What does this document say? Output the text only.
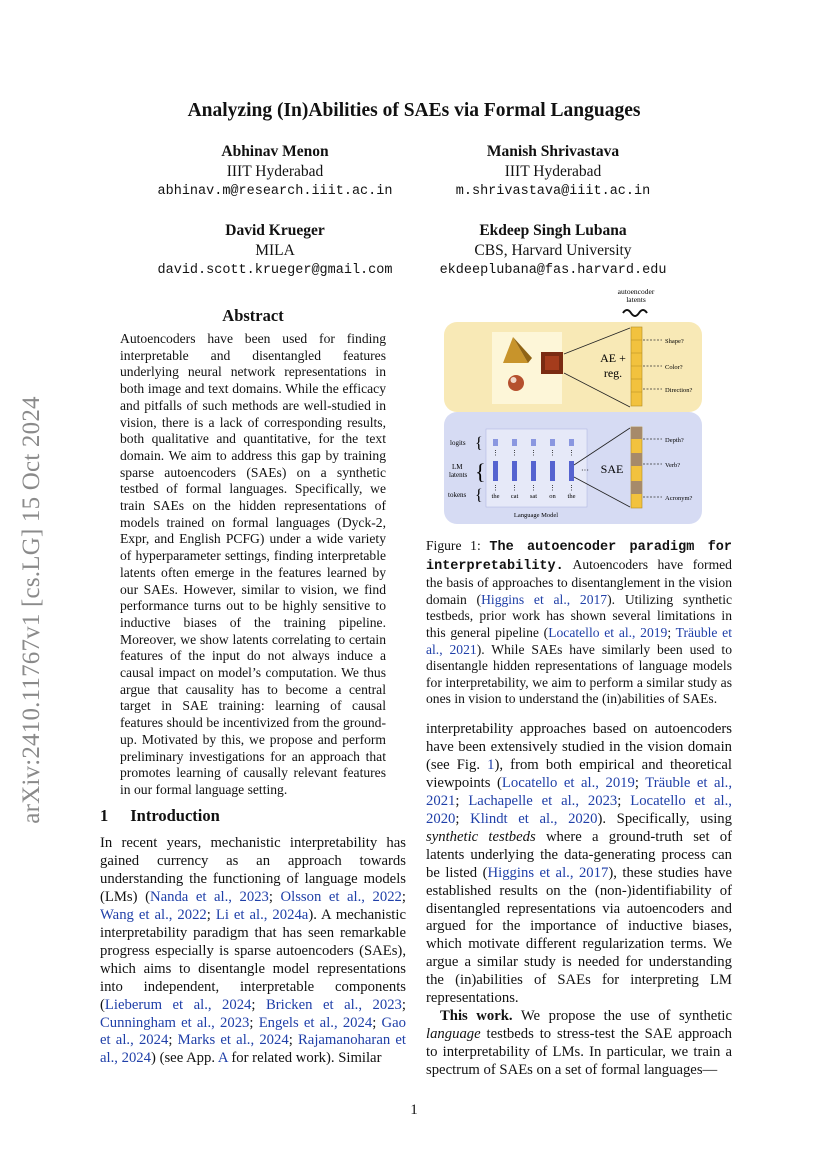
Analyzing (In)Abilities of SAEs via Formal Languages
Abhinav Menon
IIIT Hyderabad
abhinav.m@research.iiit.ac.in
Manish Shrivastava
IIIT Hyderabad
m.shrivastava@iiit.ac.in
David Krueger
MILA
david.scott.krueger@gmail.com
Ekdeep Singh Lubana
CBS, Harvard University
ekdeeplubana@fas.harvard.edu
arXiv:2410.11767v1 [cs.LG] 15 Oct 2024
Abstract
Autoencoders have been used for finding interpretable and disentangled features underlying neural network representations in both image and text domains. While the efficacy and pitfalls of such methods are well-studied in vision, there is a lack of corresponding results, both qualitative and quantitative, for the text domain. We aim to address this gap by training sparse autoencoders (SAEs) on a synthetic testbed of formal languages. Specifically, we train SAEs on the hidden representations of models trained on formal languages (Dyck-2, Expr, and English PCFG) under a wide variety of hyperparameter settings, finding interpretable latents often emerge in the features learned by our SAEs. However, similar to vision, we find performance turns out to be highly sensitive to inductive biases of the training pipeline. Moreover, we show latents correlating to certain features of the input do not always induce a causal impact on model’s computation. We thus argue that causality has to become a central target in SAE training: learning of causal features should be incentivized from the ground-up. Motivated by this, we propose and perform preliminary investigations for an approach that promotes learning of causally relevant features in our formal language setting.
autoencoder
latents
AE +
reg.
Shape?
Color?
Direction?
logits {
LM
latents {
tokens {
⋮ ⋮ ⋮ ⋮ ⋮
⋮ ⋮ ⋮ ⋮ ⋮
the cat sat on the
···
Language Model
SAE
Depth?
Verb?
Acronym?
Figure 1: The autoencoder paradigm for interpretability. Autoencoders have formed the basis of approaches to disentanglement in the vision domain (Higgins et al., 2017). Utilizing synthetic testbeds, prior work has shown several limitations in this general pipeline (Locatello et al., 2019; Träuble et al., 2021). While SAEs have similarly been used to disentangle hidden representations of language models for interpretability, we aim to perform a similar study as ones in vision to understand the (in)abilities of SAEs.
1 Introduction
In recent years, mechanistic interpretability has gained currency as an approach towards understanding the functioning of language models (LMs) (Nanda et al., 2023; Olsson et al., 2022; Wang et al., 2022; Li et al., 2024a). A mechanistic interpretability paradigm that has seen remarkable progress especially is sparse autoencoders (SAEs), which aims to disentangle model representations into independent, interpretable components (Lieberum et al., 2024; Bricken et al., 2023; Cunningham et al., 2023; Engels et al., 2024; Gao et al., 2024; Marks et al., 2024; Rajamanoharan et al., 2024) (see App. A for related work). Similar

interpretability approaches based on autoencoders have been extensively studied in the vision domain (see Fig. 1), from both empirical and theoretical viewpoints (Locatello et al., 2019; Träuble et al., 2021; Lachapelle et al., 2023; Locatello et al., 2020; Klindt et al., 2020). Specifically, using synthetic testbeds where a ground-truth set of latents underlying the data-generating process can be listed (Higgins et al., 2017), these studies have established results on the (non-)identifiability of disentangled representations via autoencoders and argued for the importance of inductive biases, which motivate different regularization terms. We argue a similar study is needed for understanding the (in)abilities of SAEs for interpreting LM representations.

This work. We propose the use of synthetic language testbeds to stress-test the SAE approach to interpretability of LMs. In particular, we train a spectrum of SAEs on a set of formal languages—

1
